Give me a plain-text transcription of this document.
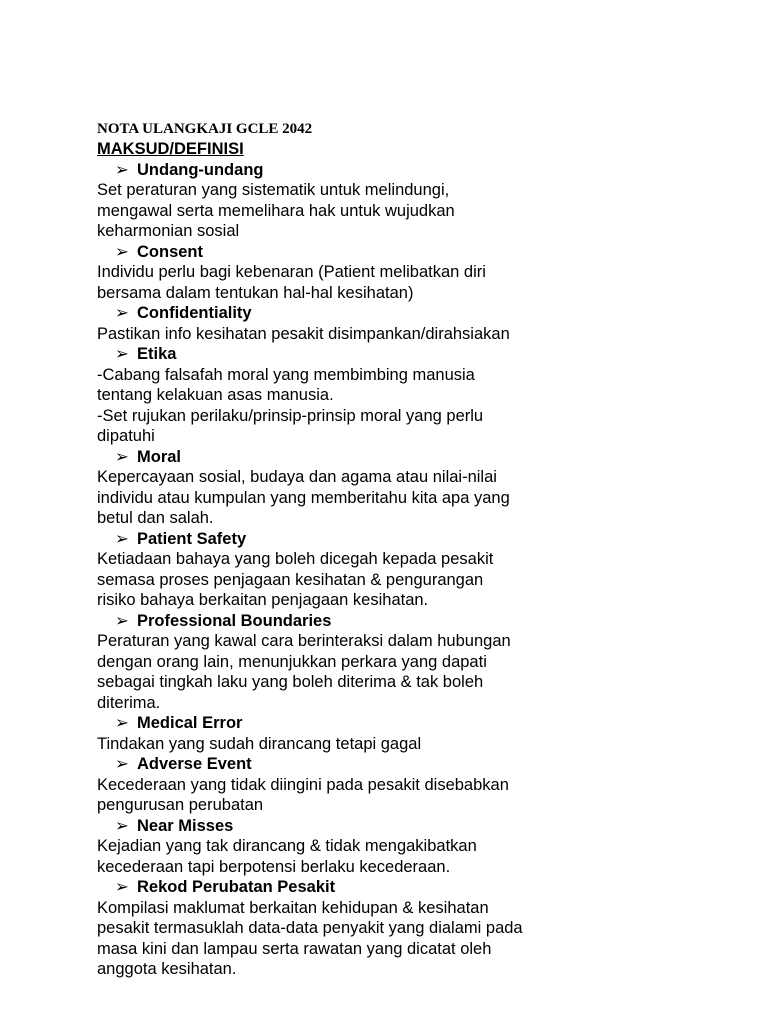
NOTA ULANGKAJI GCLE 2042
MAKSUD/DEFINISI
➢ Undang-undang
Set peraturan yang sistematik untuk melindungi,
mengawal serta memelihara hak untuk wujudkan
keharmonian sosial
➢ Consent
Individu perlu bagi kebenaran (Patient melibatkan diri
bersama dalam tentukan hal-hal kesihatan)
➢ Confidentiality
Pastikan info kesihatan pesakit disimpankan/dirahsiakan
➢ Etika
-Cabang falsafah moral yang membimbing manusia
tentang kelakuan asas manusia.
-Set rujukan perilaku/prinsip-prinsip moral yang perlu
dipatuhi
➢ Moral
Kepercayaan sosial, budaya dan agama atau nilai-nilai
individu atau kumpulan yang memberitahu kita apa yang
betul dan salah.
➢ Patient Safety
Ketiadaan bahaya yang boleh dicegah kepada pesakit
semasa proses penjagaan kesihatan & pengurangan
risiko bahaya berkaitan penjagaan kesihatan.
➢ Professional Boundaries
Peraturan yang kawal cara berinteraksi dalam hubungan
dengan orang lain, menunjukkan perkara yang dapati
sebagai tingkah laku yang boleh diterima & tak boleh
diterima.
➢ Medical Error
Tindakan yang sudah dirancang tetapi gagal
➢ Adverse Event
Kecederaan yang tidak diingini pada pesakit disebabkan
pengurusan perubatan
➢ Near Misses
Kejadian yang tak dirancang & tidak mengakibatkan
kecederaan tapi berpotensi berlaku kecederaan.
➢ Rekod Perubatan Pesakit
Kompilasi maklumat berkaitan kehidupan & kesihatan
pesakit termasuklah data-data penyakit yang dialami pada
masa kini dan lampau serta rawatan yang dicatat oleh
anggota kesihatan.
